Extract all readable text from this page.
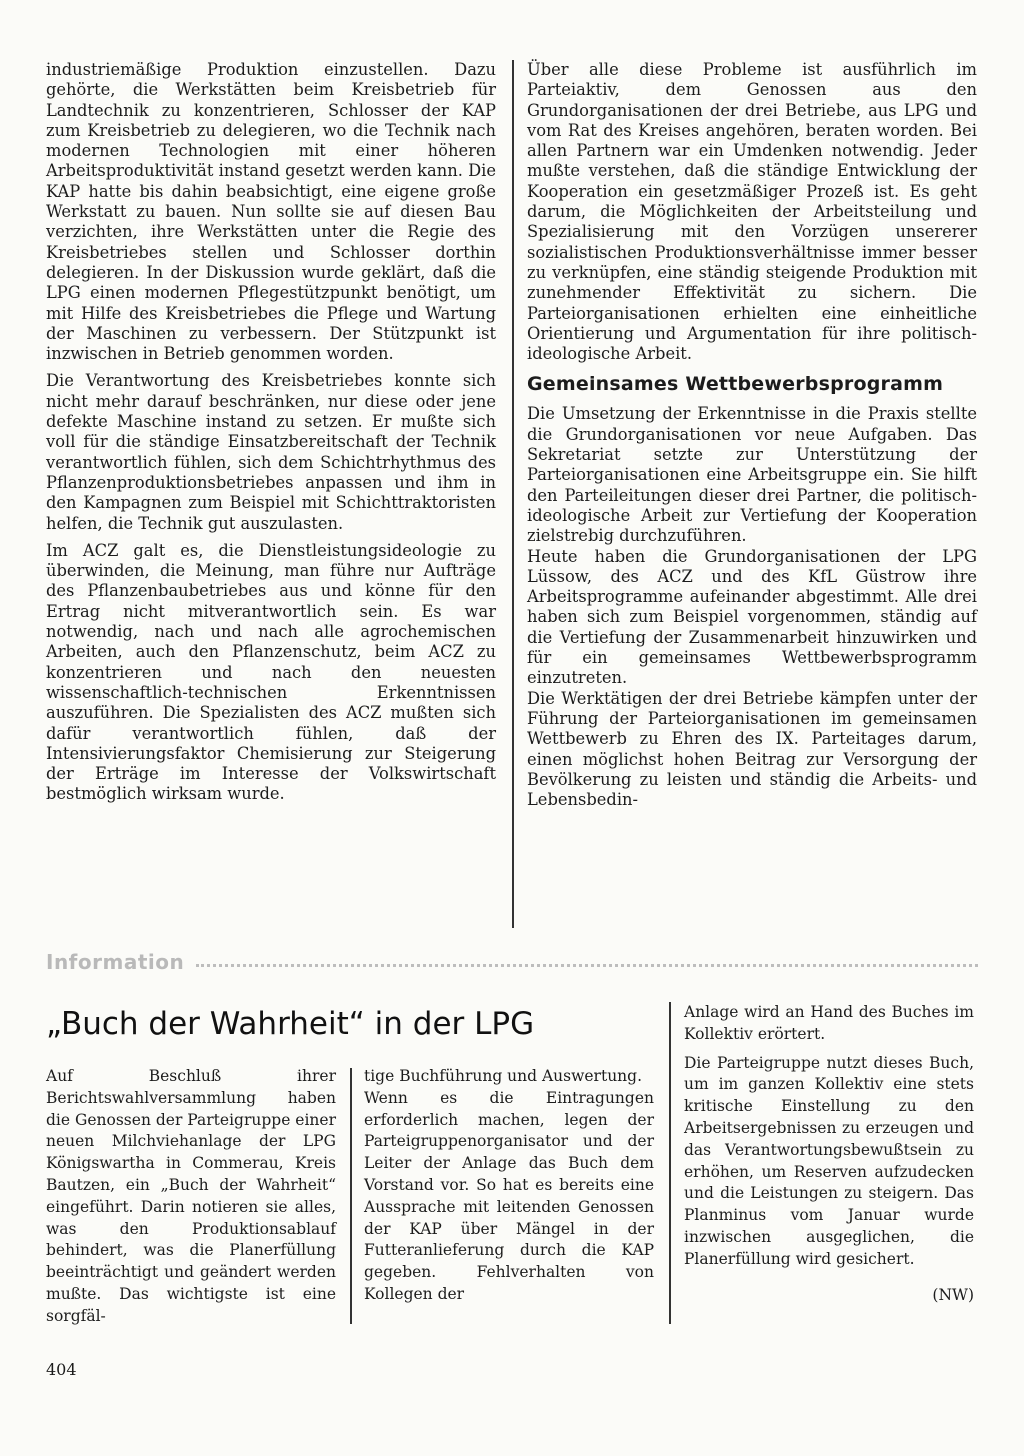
industriemäßige Produktion einzustellen. Dazu gehörte, die Werkstätten beim Kreisbetrieb für Landtechnik zu konzentrieren, Schlosser der KAP zum Kreisbetrieb zu delegieren, wo die Technik nach modernen Technologien mit einer höheren Arbeitsproduktivität instand gesetzt werden kann. Die KAP hatte bis dahin beabsichtigt, eine eigene große Werkstatt zu bauen. Nun sollte sie auf diesen Bau verzichten, ihre Werkstätten unter die Regie des Kreisbetriebes stellen und Schlosser dorthin delegieren. In der Diskussion wurde geklärt, daß die LPG einen modernen Pflegestützpunkt benötigt, um mit Hilfe des Kreisbetriebes die Pflege und Wartung der Maschinen zu verbessern. Der Stützpunkt ist inzwischen in Betrieb genommen worden.

Die Verantwortung des Kreisbetriebes konnte sich nicht mehr darauf beschränken, nur diese oder jene defekte Maschine instand zu setzen. Er mußte sich voll für die ständige Einsatzbereitschaft der Technik verantwortlich fühlen, sich dem Schichtrhythmus des Pflanzenproduktionsbetriebes anpassen und ihm in den Kampagnen zum Beispiel mit Schichttraktoristen helfen, die Technik gut auszulasten.

Im ACZ galt es, die Dienstleistungsideologie zu überwinden, die Meinung, man führe nur Aufträge des Pflanzenbaubetriebes aus und könne für den Ertrag nicht mitverantwortlich sein. Es war notwendig, nach und nach alle agrochemischen Arbeiten, auch den Pflanzenschutz, beim ACZ zu konzentrieren und nach den neuesten wissenschaftlich-technischen Erkenntnissen auszuführen. Die Spezialisten des ACZ mußten sich dafür verantwortlich fühlen, daß der Intensivierungsfaktor Chemisierung zur Steigerung der Erträge im Interesse der Volkswirtschaft bestmöglich wirksam wurde.

Über alle diese Probleme ist ausführlich im Parteiaktiv, dem Genossen aus den Grundorganisationen der drei Betriebe, aus LPG und vom Rat des Kreises angehören, beraten worden. Bei allen Partnern war ein Umdenken notwendig. Jeder mußte verstehen, daß die ständige Entwicklung der Kooperation ein gesetzmäßiger Prozeß ist. Es geht darum, die Möglichkeiten der Arbeitsteilung und Spezialisierung mit den Vorzügen unsererer sozialistischen Produktionsverhältnisse immer besser zu verknüpfen, eine ständig steigende Produktion mit zunehmender Effektivität zu sichern. Die Parteiorganisationen erhielten eine einheitliche Orientierung und Argumentation für ihre politisch-ideologische Arbeit.

Gemeinsames Wettbewerbsprogramm

Die Umsetzung der Erkenntnisse in die Praxis stellte die Grundorganisationen vor neue Aufgaben. Das Sekretariat setzte zur Unterstützung der Parteiorganisationen eine Arbeitsgruppe ein. Sie hilft den Parteileitungen dieser drei Partner, die politisch-ideologische Arbeit zur Vertiefung der Kooperation zielstrebig durchzuführen.

Heute haben die Grundorganisationen der LPG Lüssow, des ACZ und des KfL Güstrow ihre Arbeitsprogramme aufeinander abgestimmt. Alle drei haben sich zum Beispiel vorgenommen, ständig auf die Vertiefung der Zusammenarbeit hinzuwirken und für ein gemeinsames Wettbewerbsprogramm einzutreten.

Die Werktätigen der drei Betriebe kämpfen unter der Führung der Parteiorganisationen im gemeinsamen Wettbewerb zu Ehren des IX. Parteitages darum, einen möglichst hohen Beitrag zur Versorgung der Bevölkerung zu leisten und ständig die Arbeits- und Lebensbedin-

Information
„Buch der Wahrheit“ in der LPG

Auf Beschluß ihrer Berichtswahlversammlung haben die Genossen der Parteigruppe einer neuen Milchviehanlage der LPG Königswartha in Commerau, Kreis Bautzen, ein „Buch der Wahrheit“ eingeführt. Darin notieren sie alles, was den Produktionsablauf behindert, was die Planerfüllung beeinträchtigt und geändert werden mußte. Das wichtigste ist eine sorgfäl-

tige Buchführung und Auswertung.

Wenn es die Eintragungen erforderlich machen, legen der Parteigruppenorganisator und der Leiter der Anlage das Buch dem Vorstand vor. So hat es bereits eine Aussprache mit leitenden Genossen der KAP über Mängel in der Futteranlieferung durch die KAP gegeben. Fehlverhalten von Kollegen der

Anlage wird an Hand des Buches im Kollektiv erörtert.

Die Parteigruppe nutzt dieses Buch, um im ganzen Kollektiv eine stets kritische Einstellung zu den Arbeitsergebnissen zu erzeugen und das Verantwortungsbewußtsein zu erhöhen, um Reserven aufzudecken und die Leistungen zu steigern. Das Planminus vom Januar wurde inzwischen ausgeglichen, die Planerfüllung wird gesichert.

(NW)
404
